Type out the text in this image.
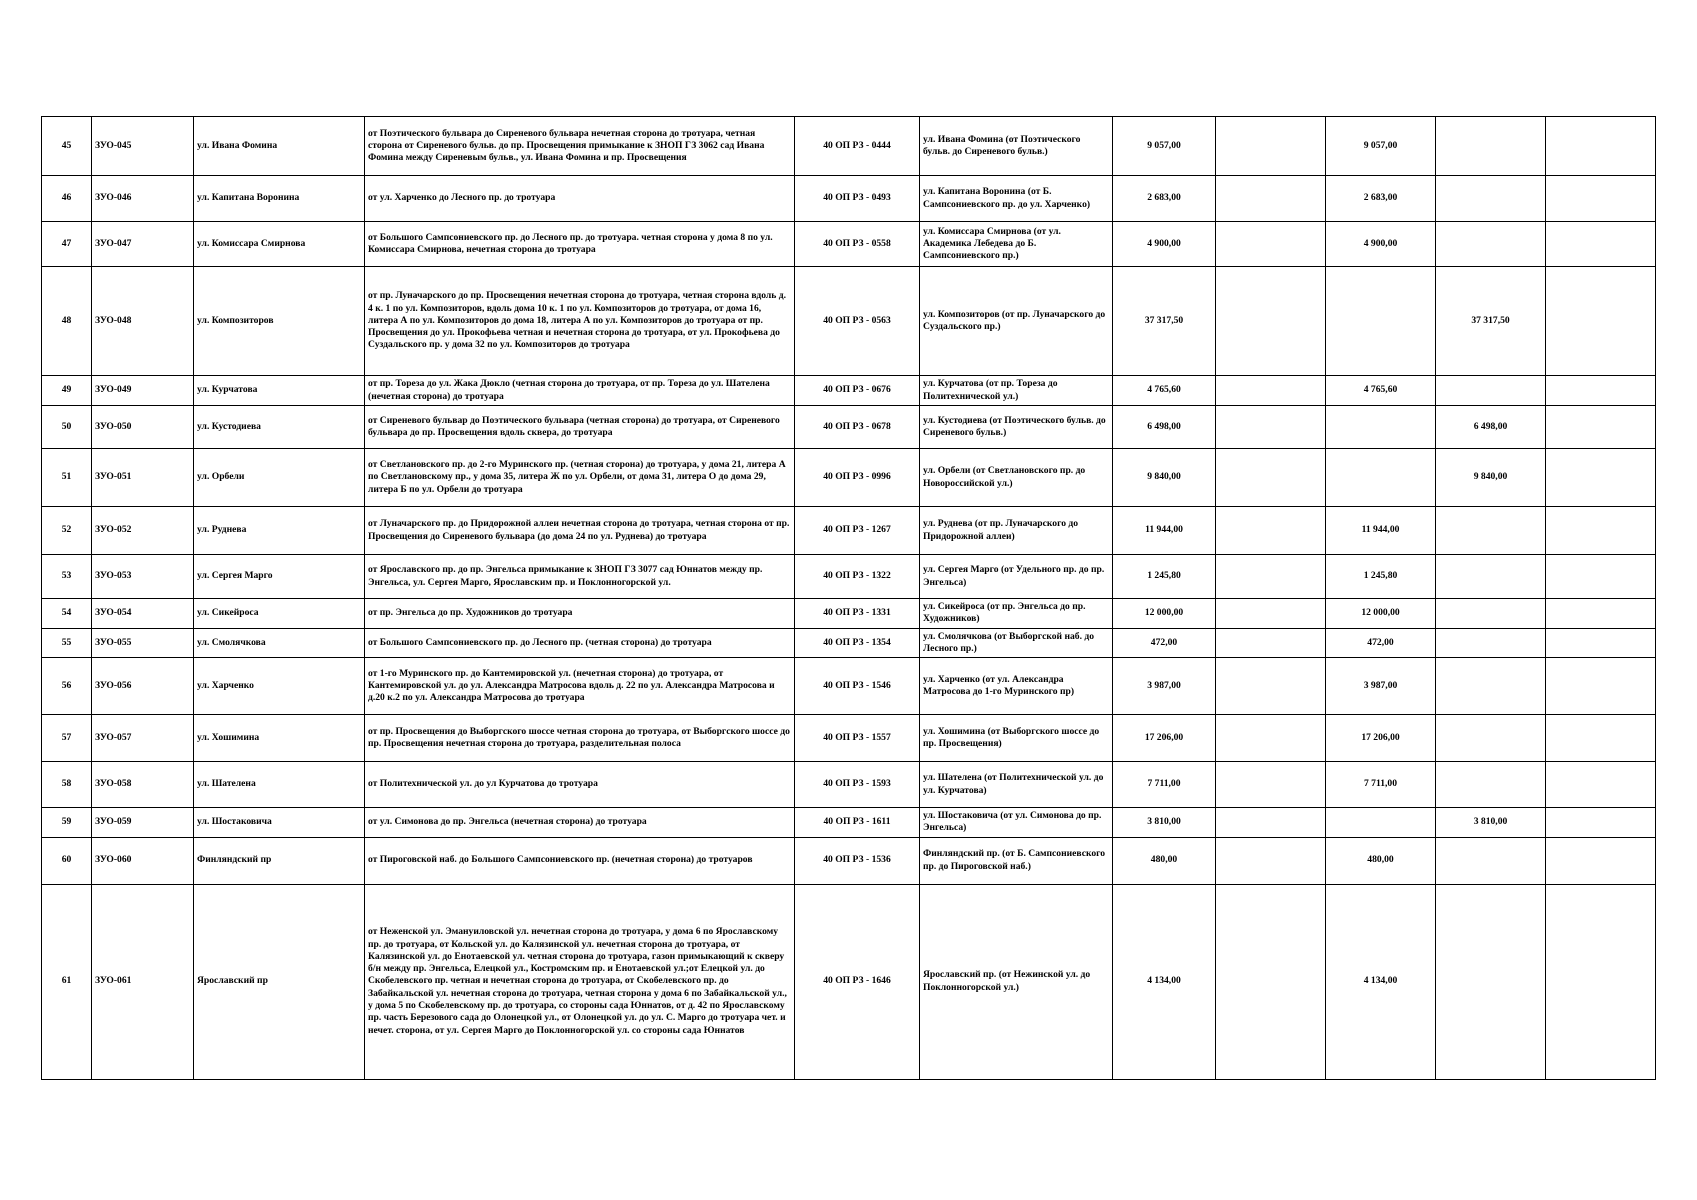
45	ЗУО-045	ул. Ивана Фомина	от Поэтического бульвара до Сиреневого бульвара нечетная сторона до тротуара, четная сторона от Сиреневого бульв. до пр. Просвещения примыкание к ЗНОП ГЗ 3062 сад Ивана Фомина между Сиреневым бульв., ул. Ивана Фомина и пр. Просвещения	40 ОП РЗ - 0444	ул. Ивана Фомина (от Поэтического бульв. до Сиреневого бульв.)	9 057,00		9 057,00		
46	ЗУО-046	ул. Капитана Воронина	от ул. Харченко до Лесного пр. до тротуара	40 ОП РЗ - 0493	ул. Капитана Воронина (от Б. Сампсониевского пр. до ул. Харченко)	2 683,00		2 683,00		
47	ЗУО-047	ул. Комиссара Смирнова	от Большого Сампсониевского пр. до Лесного пр. до тротуара. четная сторона у дома 8 по ул. Комиссара Смирнова, нечетная сторона до тротуара	40 ОП РЗ - 0558	ул. Комиссара Смирнова (от ул. Академика Лебедева до Б. Сампсониевского пр.)	4 900,00		4 900,00		
48	ЗУО-048	ул. Композиторов	от пр. Луначарского до пр. Просвещения нечетная сторона до тротуара, четная сторона вдоль д. 4 к. 1 по ул. Композиторов, вдоль дома 10 к. 1 по ул. Композиторов до тротуара, от дома 16, литера А по ул. Композиторов до дома 18, литера А по ул. Композиторов до тротуара от пр. Просвещения до ул. Прокофьева четная и нечетная сторона до тротуара, от ул. Прокофьева до Суздальского пр. у дома 32 по ул. Композиторов до тротуара	40 ОП РЗ - 0563	ул. Композиторов (от пр. Луначарского до Суздальского пр.)	37 317,50			37 317,50	
49	ЗУО-049	ул. Курчатова	от пр. Тореза до ул. Жака Дюкло (четная сторона до тротуара, от пр. Тореза до ул. Шателена (нечетная сторона) до тротуара	40 ОП РЗ - 0676	ул. Курчатова (от пр. Тореза до Политехнической ул.)	4 765,60		4 765,60		
50	ЗУО-050	ул. Кустодиева	от Сиреневого бульвар до Поэтического бульвара (четная сторона) до тротуара, от Сиреневого бульвара до пр. Просвещения вдоль сквера, до тротуара	40 ОП РЗ - 0678	ул. Кустодиева (от Поэтического бульв. до Сиреневого бульв.)	6 498,00			6 498,00	
51	ЗУО-051	ул. Орбели	от Светлановского пр. до 2-го Муринского пр. (четная сторона) до тротуара, у дома 21, литера А по Светлановскому пр., у дома 35, литера Ж по ул. Орбели, от дома 31, литера О до дома 29, литера Б по ул. Орбели до тротуара	40 ОП РЗ - 0996	ул. Орбели (от Светлановского пр. до Новороссийской ул.)	9 840,00			9 840,00	
52	ЗУО-052	ул. Руднева	от Луначарского пр. до Придорожной аллеи нечетная сторона до тротуара, четная сторона от пр. Просвещения до Сиреневого бульвара (до дома 24 по ул. Руднева) до тротуара	40 ОП РЗ - 1267	ул. Руднева (от пр. Луначарского до Придорожной аллеи)	11 944,00		11 944,00		
53	ЗУО-053	ул. Сергея Марго	от Ярославского пр. до пр. Энгельса примыкание к ЗНОП ГЗ 3077 сад Юннатов между пр. Энгельса, ул. Сергея Марго, Ярославским пр. и Поклонногорской ул.	40 ОП РЗ - 1322	ул. Сергея Марго (от Удельного пр. до пр. Энгельса)	1 245,80		1 245,80		
54	ЗУО-054	ул. Сикейроса	от пр. Энгельса до пр. Художников до тротуара	40 ОП РЗ - 1331	ул. Сикейроса (от пр. Энгельса до пр. Художников)	12 000,00		12 000,00		
55	ЗУО-055	ул. Смолячкова	от Большого Сампсониевского пр. до Лесного пр. (четная сторона) до тротуара	40 ОП РЗ - 1354	ул. Смолячкова (от Выборгской наб. до Лесного пр.)	472,00		472,00		
56	ЗУО-056	ул. Харченко	от 1-го Муринского пр. до Кантемировской ул. (нечетная сторона) до тротуара, от Кантемировской ул. до ул. Александра Матросова вдоль д. 22 по ул. Александра Матросова и д.20 к.2 по ул. Александра Матросова до тротуара	40 ОП РЗ - 1546	ул. Харченко (от ул. Александра Матросова до 1-го Муринского пр)	3 987,00		3 987,00		
57	ЗУО-057	ул. Хошимина	от пр. Просвещения до Выборгского шоссе четная сторона до тротуара, от Выборгского шоссе до пр. Просвещения нечетная сторона до тротуара, разделительная полоса	40 ОП РЗ - 1557	ул. Хошимина (от Выборгского шоссе до пр. Просвещения)	17 206,00		17 206,00		
58	ЗУО-058	ул. Шателена	от Политехнической ул. до ул Курчатова до тротуара	40 ОП РЗ - 1593	ул. Шателена (от Политехнической ул. до ул. Курчатова)	7 711,00		7 711,00		
59	ЗУО-059	ул. Шостаковича	от ул. Симонова до пр. Энгельса (нечетная сторона) до тротуара	40 ОП РЗ - 1611	ул. Шостаковича (от ул. Симонова до пр. Энгельса)	3 810,00			3 810,00	
60	ЗУО-060	Финляндский пр	от Пироговской наб. до Большого Сампсониевского пр. (нечетная сторона) до тротуаров	40 ОП РЗ - 1536	Финляндский пр. (от Б. Сампсониевского пр. до Пироговской наб.)	480,00		480,00		
61	ЗУО-061	Ярославский пр	от Неженской ул. Эмануиловской ул. нечетная сторона до тротуара, у дома 6 по Ярославскому пр. до тротуара, от Кольской ул. до Калязинской ул. нечетная сторона до тротуара, от Калязинской ул. до Енотаевской ул. четная сторона до тротуара, газон примыкающий к скверу б/н между пр. Энгельса, Елецкой ул., Костромским пр. и Енотаевской ул.;от Елецкой ул. до Скобелевского пр. четная и нечетная сторона до тротуара, от Скобелевского пр. до Забайкальской ул. нечетная сторона до тротуара, четная сторона у дома 6 по Забайкальской ул., у дома 5 по Скобелевскому пр. до тротуара, со стороны сада Юннатов, от д. 42 по Ярославскому пр. часть Березового сада до Олонецкой ул., от Олонецкой ул. до ул. С. Марго до тротуара чет. и нечет. сторона, от ул. Сергея Марго до Поклонногорской ул. со стороны сада Юннатов	40 ОП РЗ - 1646	Ярославский пр. (от Нежинской ул. до Поклонногорской ул.)	4 134,00		4 134,00		
